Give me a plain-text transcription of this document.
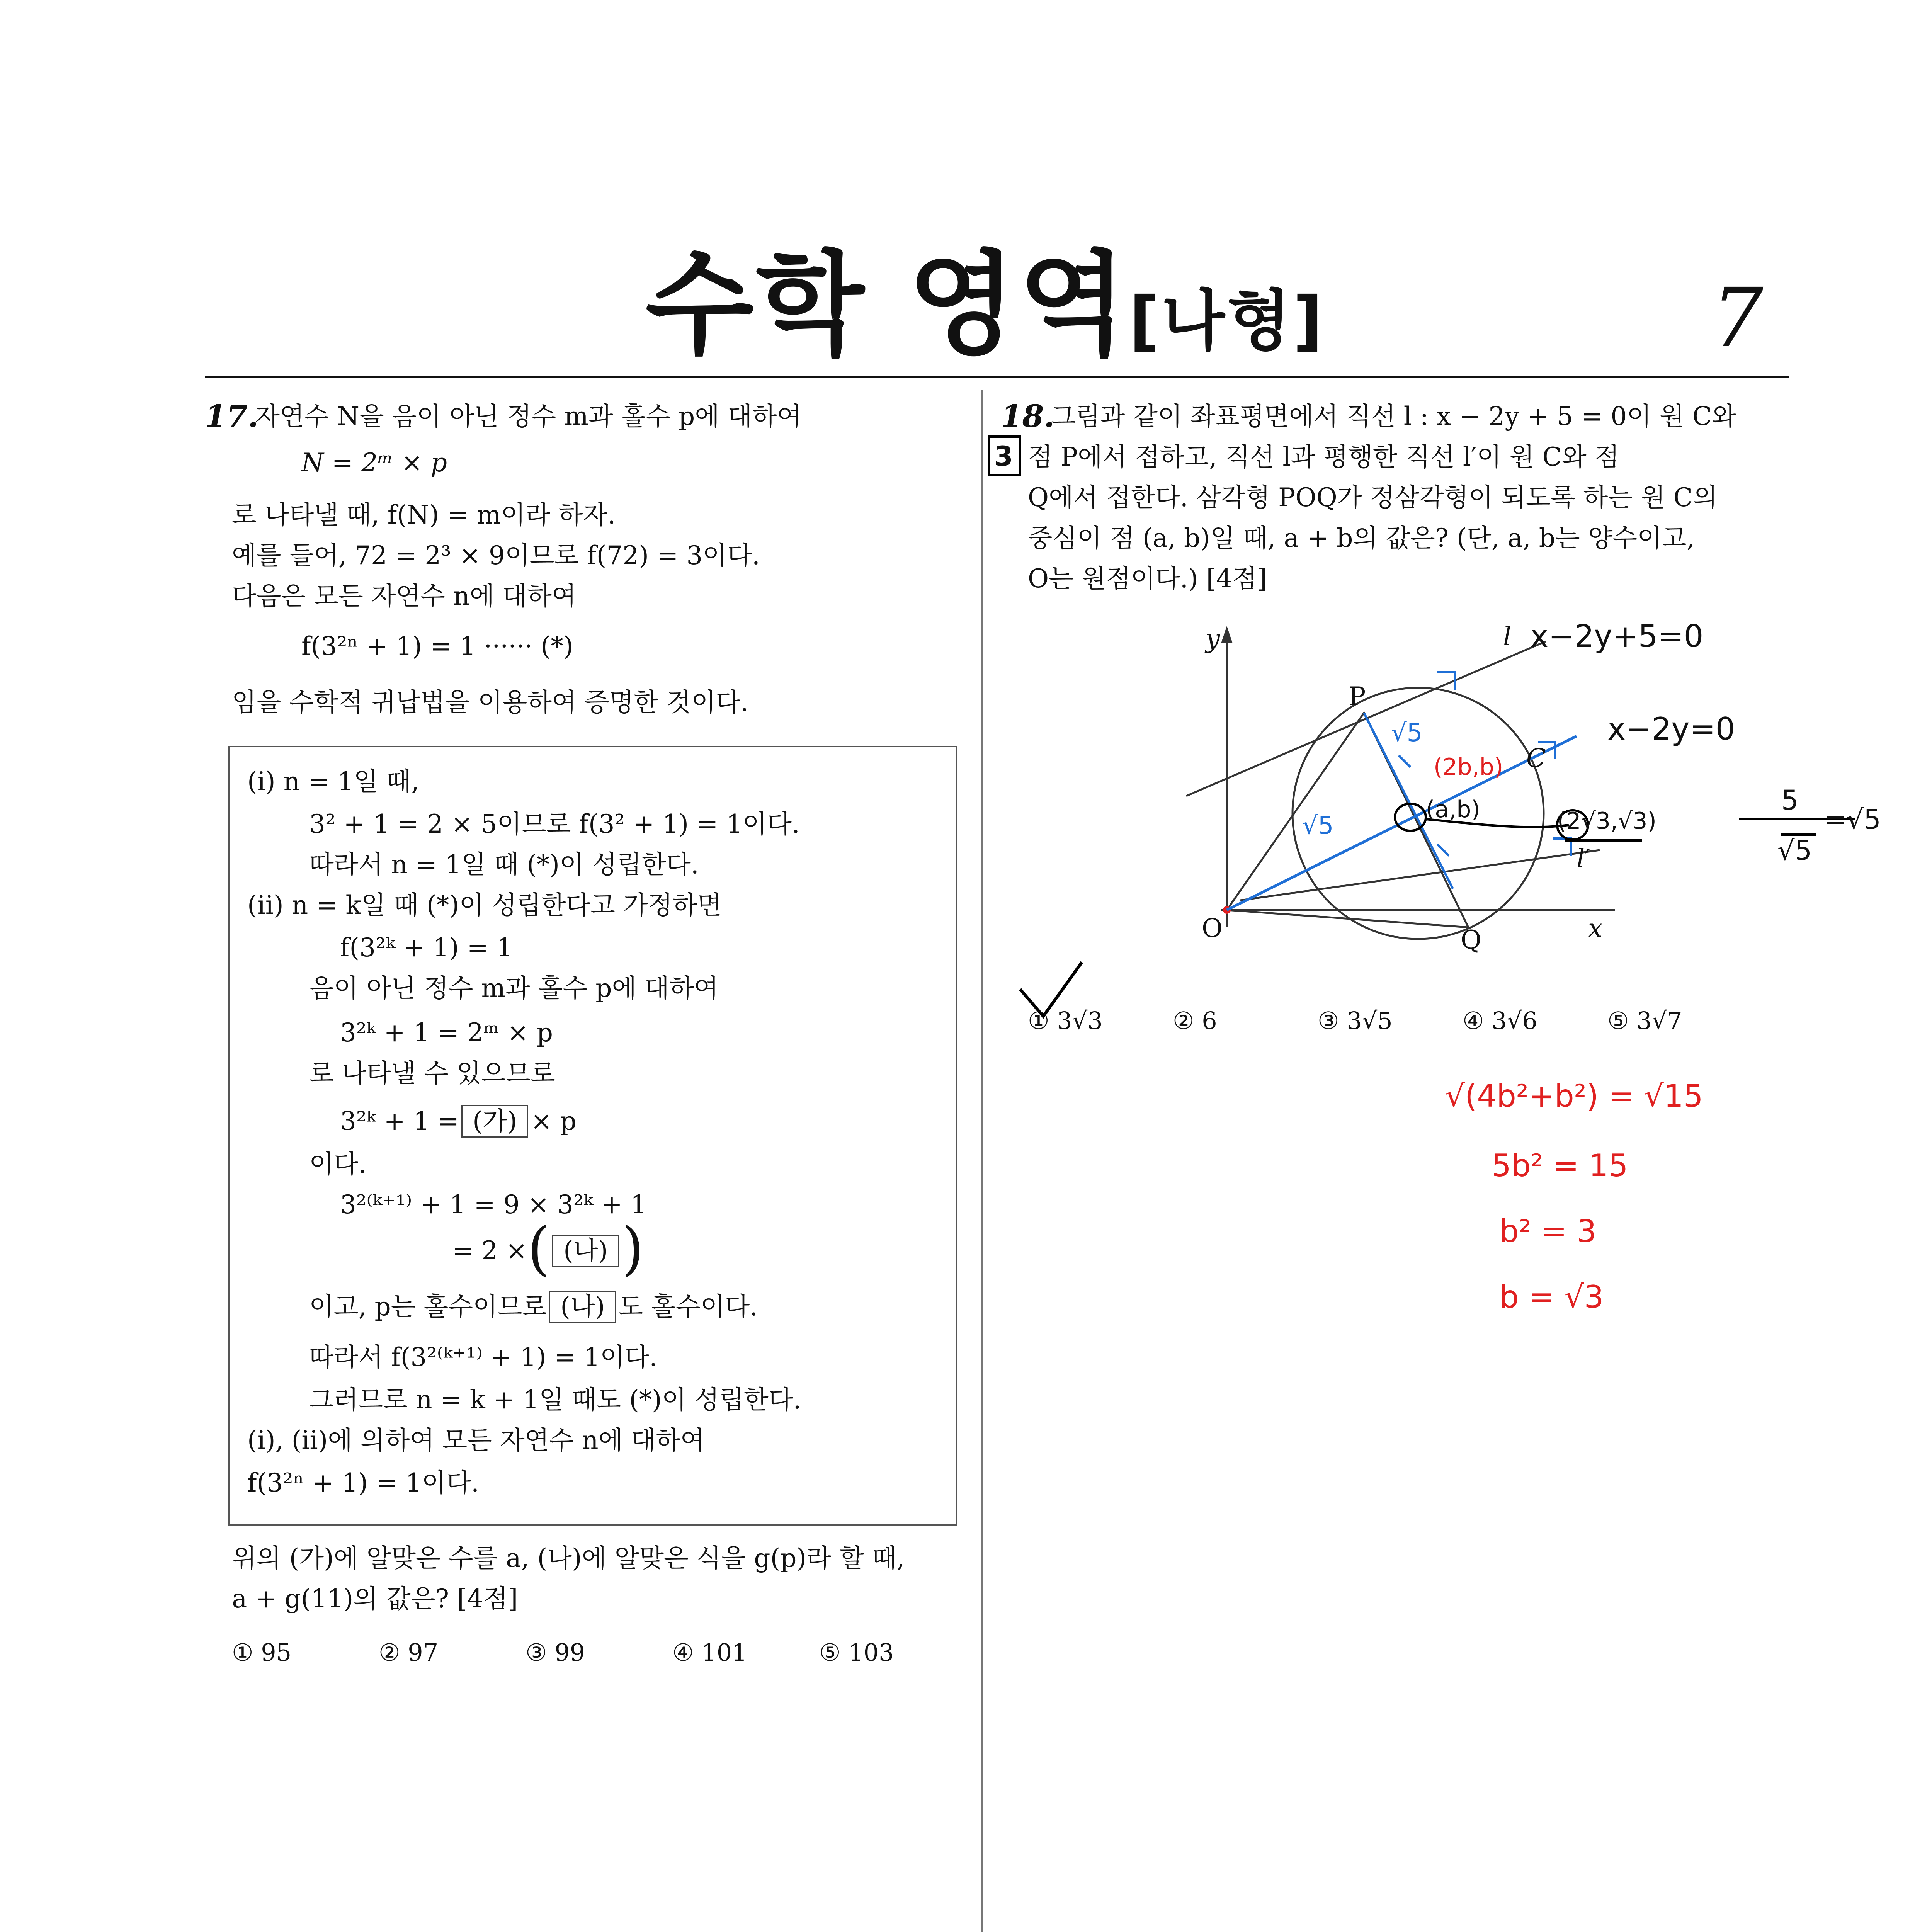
수학 영역[나형]	7
17.
자연수 N을 음이 아닌 정수 m과 홀수 p에 대하여
N = 2ᵐ × p
로 나타낼 때, f(N) = m이라 하자.
예를 들어, 72 = 2³ × 9이므로 f(72) = 3이다.
다음은 모든 자연수 n에 대하여
f(3²ⁿ + 1) = 1 ······ (*)
임을 수학적 귀납법을 이용하여 증명한 것이다.
(ⅰ) n = 1일 때,
3² + 1 = 2 × 5이므로 f(3² + 1) = 1이다.
따라서 n = 1일 때 (*)이 성립한다.
(ⅱ) n = k일 때 (*)이 성립한다고 가정하면
f(3²ᵏ + 1) = 1
음이 아닌 정수 m과 홀수 p에 대하여
3²ᵏ + 1 = 2ᵐ × p
로 나타낼 수 있으므로
3²ᵏ + 1 = (가) × p
이다.
3²⁽ᵏ⁺¹⁾ + 1 = 9 × 3²ᵏ + 1
= 2 ×( (나) )
이고, p는 홀수이므로 (나) 도 홀수이다.
따라서 f(3²⁽ᵏ⁺¹⁾ + 1) = 1이다.
그러므로 n = k + 1일 때도 (*)이 성립한다.
(ⅰ), (ⅱ)에 의하여 모든 자연수 n에 대하여
f(3²ⁿ + 1) = 1이다.
위의 (가)에 알맞은 수를 a, (나)에 알맞은 식을 g(p)라 할 때,
a + g(11)의 값은? [4점]
① 95	② 97	③ 99	④ 101	⑤ 103
18.
그림과 같이 좌표평면에서 직선 l : x − 2y + 5 = 0이 원 C와
점 P에서 접하고, 직선 l과 평행한 직선 l′이 원 C와 점
Q에서 접한다. 삼각형 POQ가 정삼각형이 되도록 하는 원 C의
중심이 점 (a, b)일 때, a + b의 값은? (단, a, b는 양수이고,
O는 원점이다.) [4점]
y
x
O
P
Q
C
l
l′
3
x−2y+5=0
x−2y=0
√5
√5
(2b,b)
(a,b)	(2√3,√3)
5
√5
=√5
√(4b²+b²) = √15
5b² = 15
b² = 3
b = √3
① 3√3	② 6	③ 3√5	④ 3√6	⑤ 3√7
